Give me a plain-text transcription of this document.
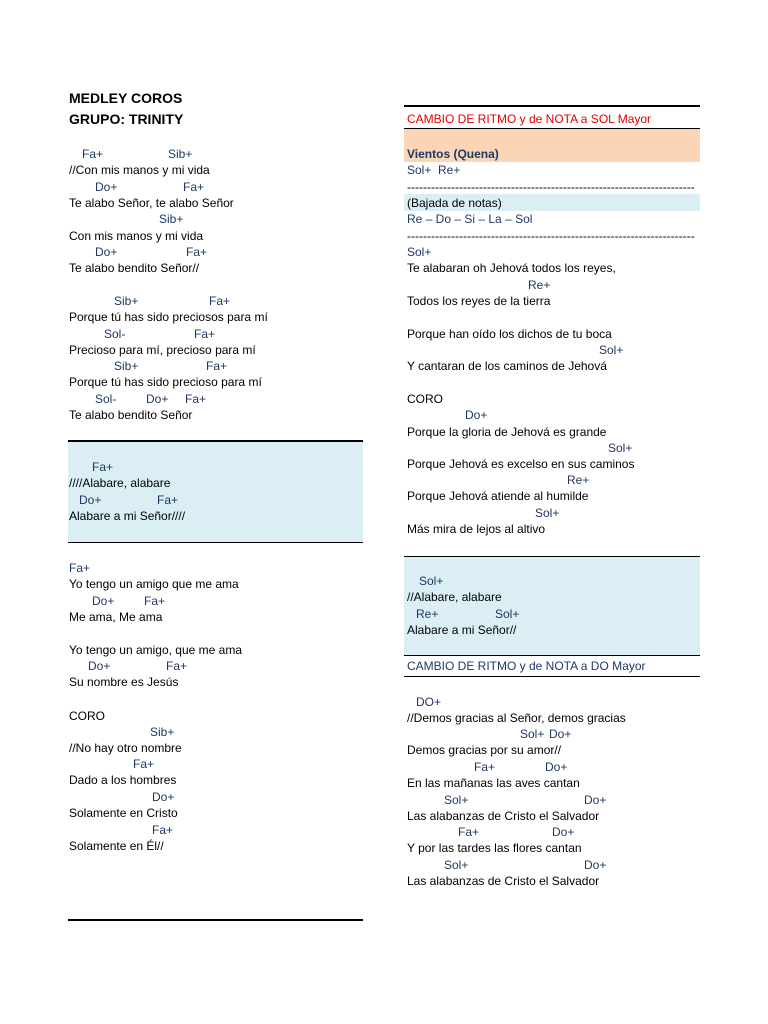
MEDLEY COROS
GRUPO: TRINITY	CAMBIO DE RITMO y de NOTA a SOL Mayor
Vientos (Quena)
CAMBIO DE RITMO y de NOTA a DO Mayor
Fa+	Sib+
//Con mis manos y mi vida
Do+	Fa+
Te alabo Señor, te alabo Señor
Sib+
Con mis manos y mi vida
Do+	Fa+
Te alabo bendito Señor//
Sib+	Fa+
Porque tú has sido preciosos para mí
Sol-	Fa+
Precioso para mí, precioso para mí
Sib+	Fa+
Porque tú has sido precioso para mí
Sol- Do+ Fa+
Te alabo bendito Señor
Fa+
////Alabare, alabare
Do+	Fa+
Alabare a mi Señor////
Fa+
Yo tengo un amigo que me ama
Do+ Fa+
Me ama, Me ama
Yo tengo un amigo, que me ama
Do+	Fa+
Su nombre es Jesús
CORO
Sib+
//No hay otro nombre
Fa+
Dado a los hombres
Do+
Solamente en Cristo
Fa+
Solamente en Él//
Sol+  Re+
------------------------------------------------------------------------
(Bajada de notas)
Re – Do – Si – La – Sol
------------------------------------------------------------------------
Sol+
Te alabaran oh Jehová todos los reyes,
Re+
Todos los reyes de la tierra
Porque han oído los dichos de tu boca
Sol+
Y cantaran de los caminos de Jehová
CORO
Do+
Porque la gloria de Jehová es grande
Sol+
Porque Jehová es excelso en sus caminos
Re+
Porque Jehová atiende al humilde
Sol+
Más mira de lejos al altivo
Sol+
//Alabare, alabare
Re+	Sol+
Alabare a mi Señor//
DO+
//Demos gracias al Señor, demos gracias
Sol+ Do+
Demos gracias por su amor//
Fa+	Do+
En las mañanas las aves cantan
Sol+	Do+
Las alabanzas de Cristo el Salvador
Fa+	Do+
Y por las tardes las flores cantan
Sol+	Do+
Las alabanzas de Cristo el Salvador
